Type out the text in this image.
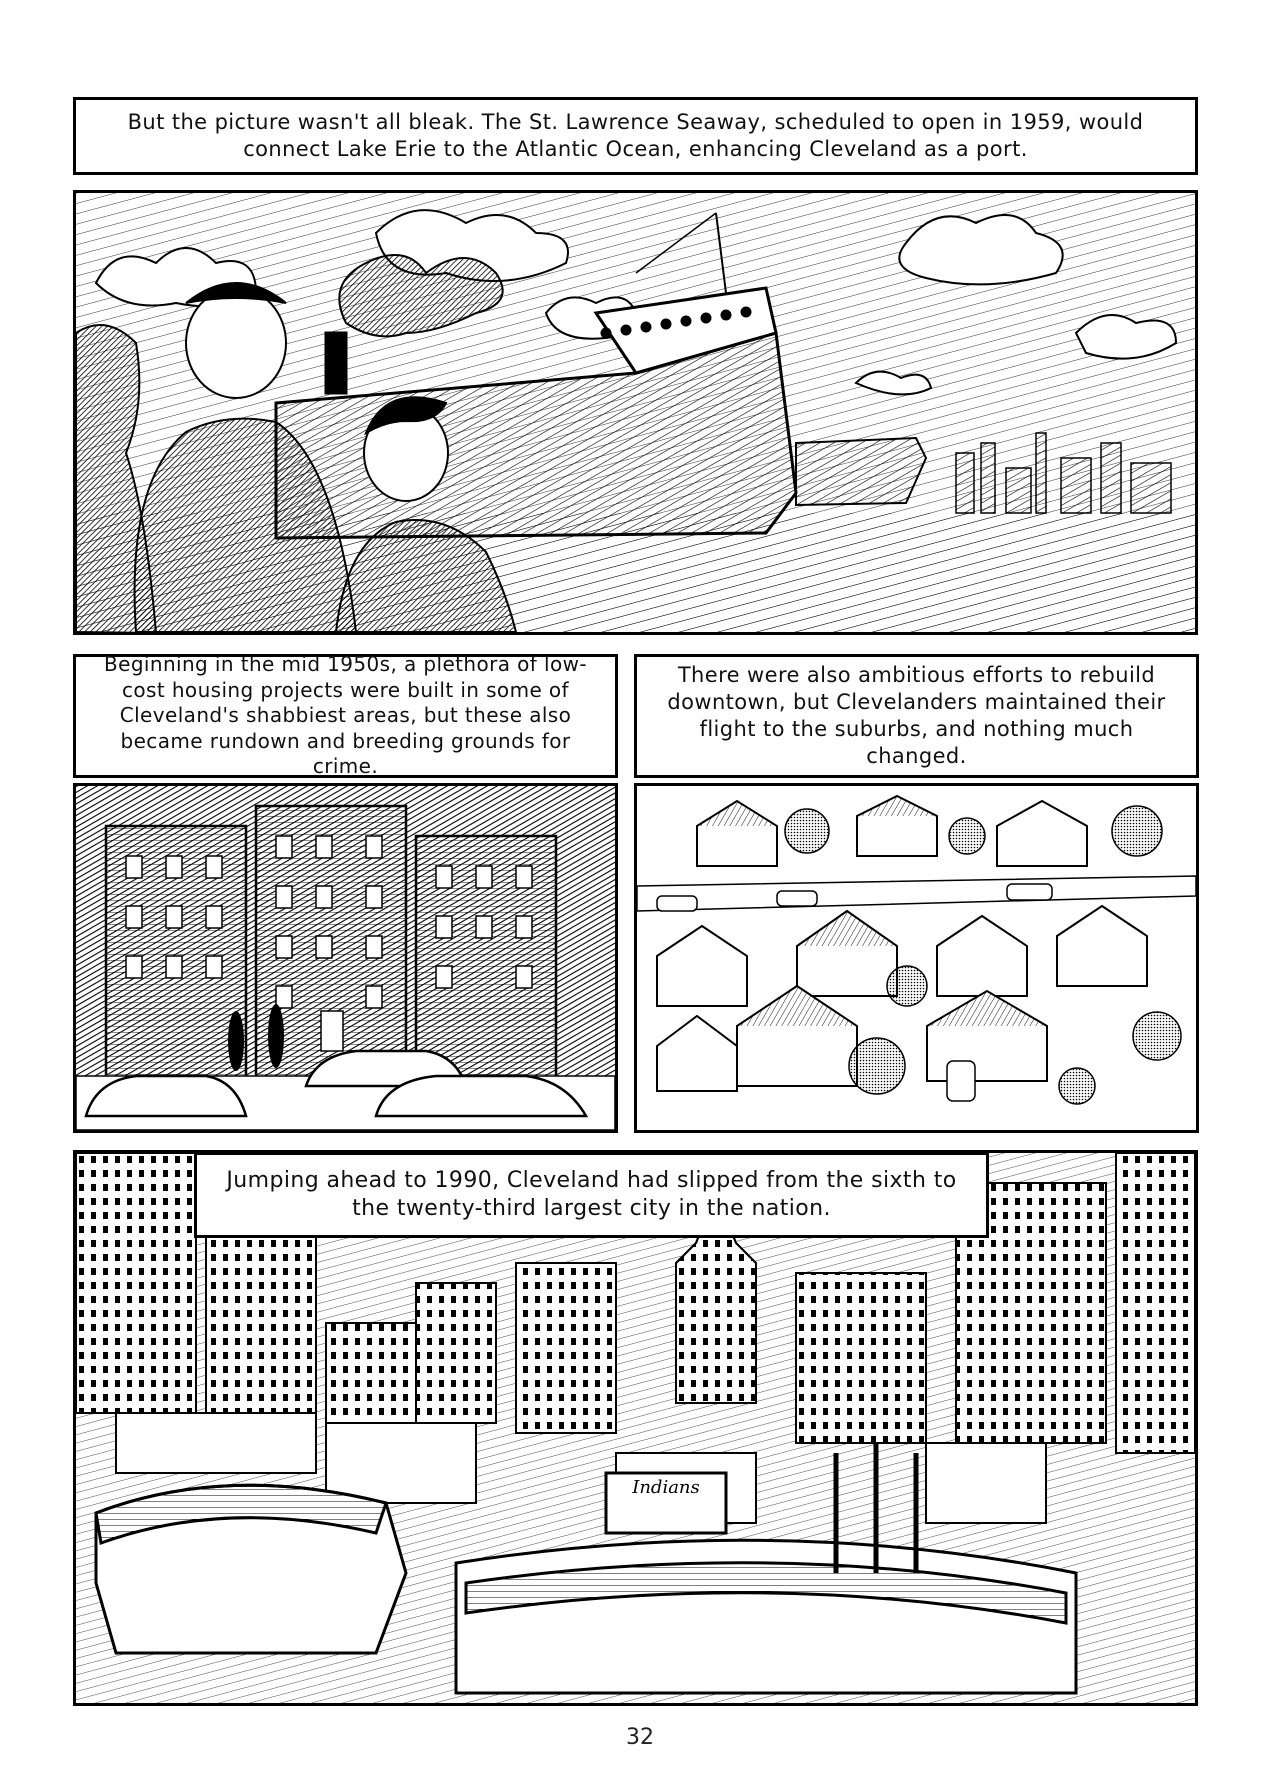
But the picture wasn't all bleak. The St. Lawrence Seaway, scheduled to open in 1959, would connect Lake Erie to the Atlantic Ocean, enhancing Cleveland as a port.
Beginning in the mid 1950s, a plethora of low-cost housing projects were built in some of Cleveland's shabbiest areas, but these also became rundown and breeding grounds for crime.
There were also ambitious efforts to rebuild downtown, but Clevelanders maintained their flight to the suburbs, and nothing much changed.
Indians
Jumping ahead to 1990, Cleveland had slipped from the sixth to the twenty-third largest city in the nation.
32
